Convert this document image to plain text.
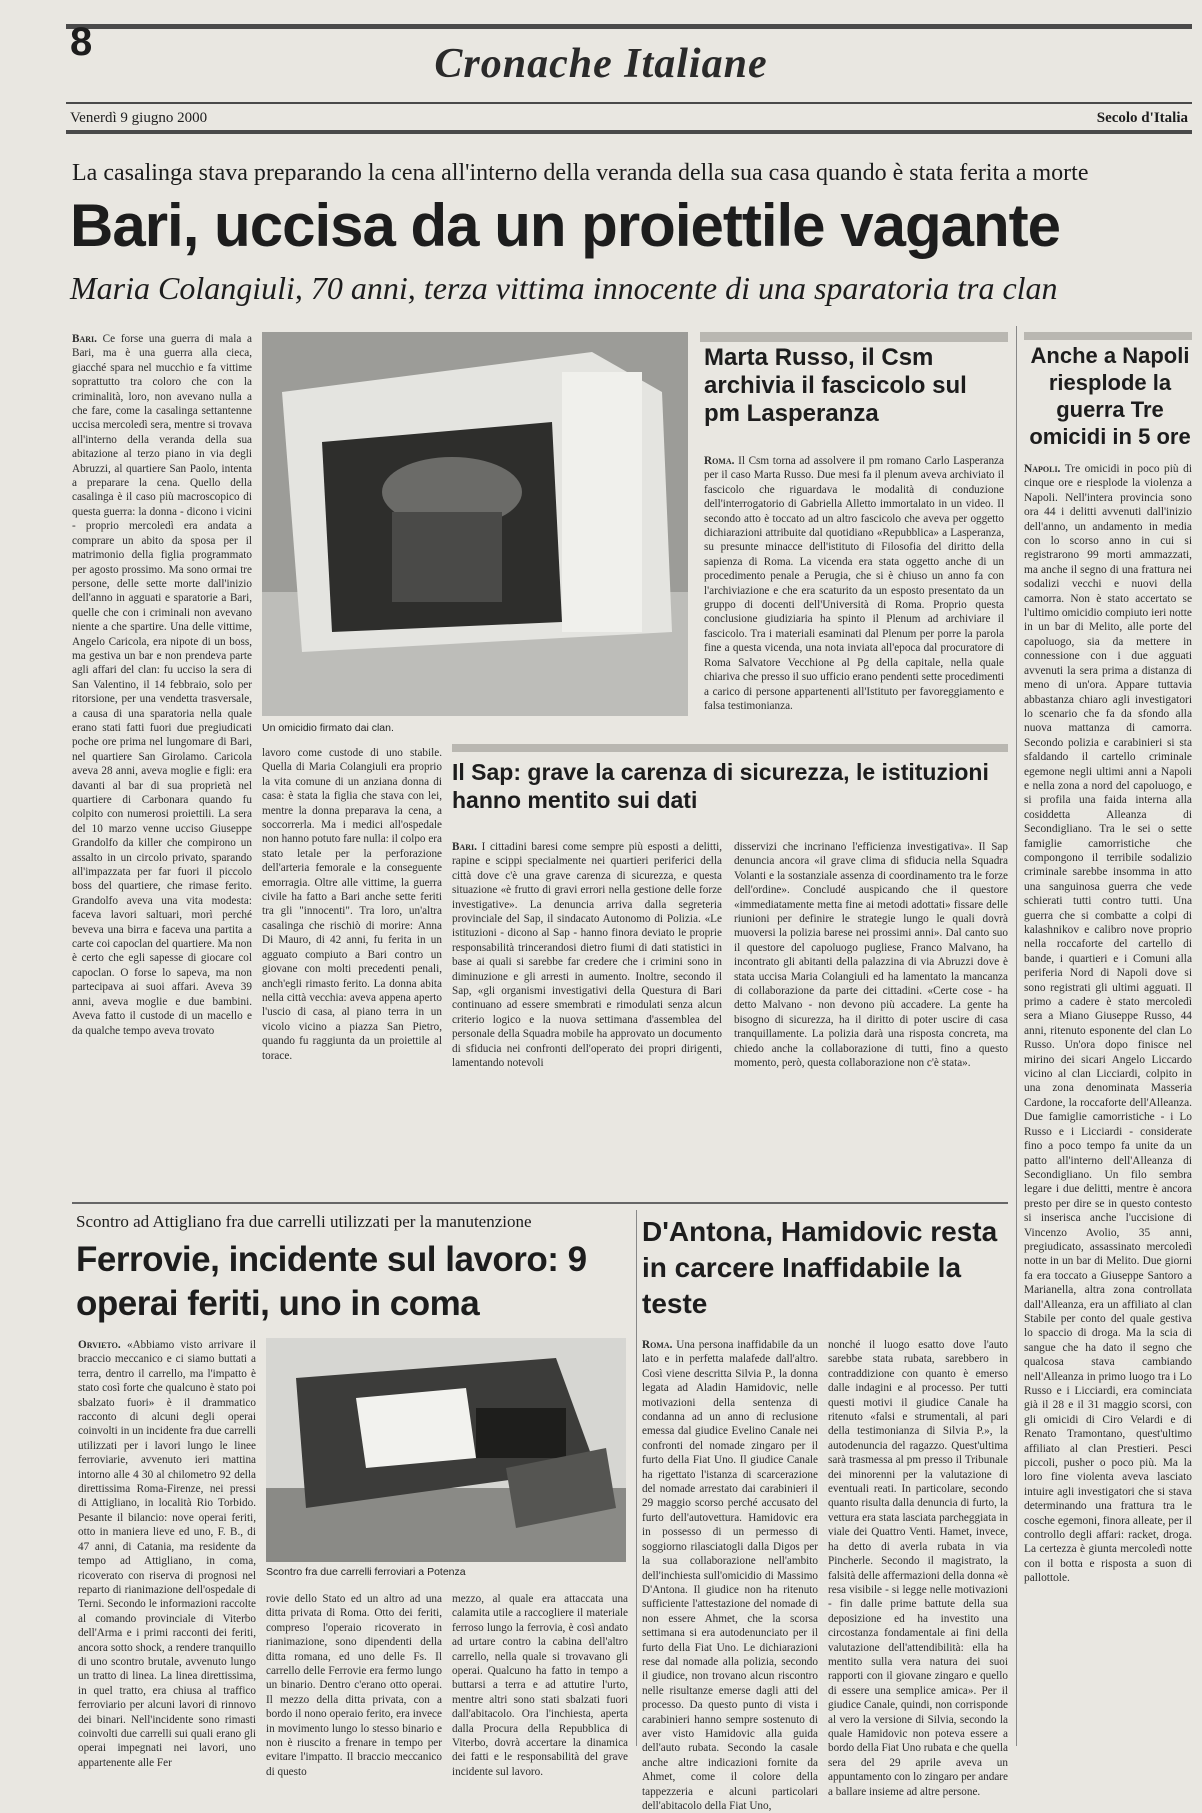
8	Cronache Italiane
Venerdì 9 giugno 2000	Secolo d'Italia
La casalinga stava preparando la cena all'interno della veranda della sua casa quando è stata ferita a morte
Bari, uccisa da un proiettile vagante
Maria Colangiuli, 70 anni, terza vittima innocente di una sparatoria tra clan
Bari. Ce forse una guerra di mala a Bari, ma è una guerra alla cieca, giacché spara nel mucchio e fa vittime soprattutto tra coloro che con la criminalità, loro, non avevano nulla a che fare, come la casalinga settantenne uccisa mercoledì sera, mentre si trovava all'interno della veranda della sua abitazione al terzo piano in via degli Abruzzi, al quartiere San Paolo, intenta a preparare la cena. Quello della casalinga è il caso più macroscopico di questa guerra: la donna - dicono i vicini - proprio mercoledì era andata a comprare un abito da sposa per il matrimonio della figlia programmato per agosto prossimo. Ma sono ormai tre persone, delle sette morte dall'inizio dell'anno in agguati e sparatorie a Bari, quelle che con i criminali non avevano niente a che spartire. Una delle vittime, Angelo Caricola, era nipote di un boss, ma gestiva un bar e non prendeva parte agli affari del clan: fu ucciso la sera di San Valentino, il 14 febbraio, solo per ritorsione, per una vendetta trasversale, a causa di una sparatoria nella quale erano stati fatti fuori due pregiudicati poche ore prima nel lungomare di Bari, nel quartiere San Girolamo. Caricola aveva 28 anni, aveva moglie e figli: era davanti al bar di sua proprietà nel quartiere di Carbonara quando fu colpito con numerosi proiettili. La sera del 10 marzo venne ucciso Giuseppe Grandolfo da killer che compirono un assalto in un circolo privato, sparando all'impazzata per far fuori il piccolo boss del quartiere, che rimase ferito. Grandolfo aveva una vita modesta: faceva lavori saltuari, morì perché beveva una birra e faceva una partita a carte coi capoclan del quartiere. Ma non è certo che egli sapesse di giocare col capoclan. O forse lo sapeva, ma non partecipava ai suoi affari. Aveva 39 anni, aveva moglie e due bambini. Aveva fatto il custode di un macello e da qualche tempo aveva trovato
Un omicidio firmato dai clan.
lavoro come custode di uno stabile. Quella di Maria Colangiuli era proprio la vita comune di un anziana donna di casa: è stata la figlia che stava con lei, mentre la donna preparava la cena, a soccorrerla. Ma i medici all'ospedale non hanno potuto fare nulla: il colpo era stato letale per la perforazione dell'arteria femorale e la conseguente emorragia. Oltre alle vittime, la guerra civile ha fatto a Bari anche sette feriti tra gli "innocenti". Tra loro, un'altra casalinga che rischiò di morire: Anna Di Mauro, di 42 anni, fu ferita in un agguato compiuto a Bari contro un giovane con molti precedenti penali, anch'egli rimasto ferito. La donna abita nella città vecchia: aveva appena aperto l'uscio di casa, al piano terra in un vicolo vicino a piazza San Pietro, quando fu raggiunta da un proiettile al torace.
Marta Russo, il Csm archivia il fascicolo sul pm Lasperanza
Roma. Il Csm torna ad assolvere il pm romano Carlo Lasperanza per il caso Marta Russo. Due mesi fa il plenum aveva archiviato il fascicolo che riguardava le modalità di conduzione dell'interrogatorio di Gabriella Alletto immortalato in un video. Il secondo atto è toccato ad un altro fascicolo che aveva per oggetto dichiarazioni attribuite dal quotidiano «Repubblica» a Lasperanza, su presunte minacce dell'istituto di Filosofia del diritto della sapienza di Roma. La vicenda era stata oggetto anche di un procedimento penale a Perugia, che si è chiuso un anno fa con l'archiviazione e che era scaturito da un esposto presentato da un gruppo di docenti dell'Università di Roma. Proprio questa conclusione giudiziaria ha spinto il Plenum ad archiviare il fascicolo. Tra i materiali esaminati dal Plenum per porre la parola fine a questa vicenda, una nota inviata all'epoca dal procuratore di Roma Salvatore Vecchione al Pg della capitale, nella quale chiariva che presso il suo ufficio erano pendenti sette procedimenti a carico di persone appartenenti all'Istituto per favoreggiamento e falsa testimonianza.
Il Sap: grave la carenza di sicurezza, le istituzioni hanno mentito sui dati
Bari. I cittadini baresi come sempre più esposti a delitti, rapine e scippi specialmente nei quartieri periferici della città dove c'è una grave carenza di sicurezza, e questa situazione «è frutto di gravi errori nella gestione delle forze investigative». La denuncia arriva dalla segreteria provinciale del Sap, il sindacato Autonomo di Polizia. «Le istituzioni - dicono al Sap - hanno finora deviato le proprie responsabilità trincerandosi dietro fiumi di dati statistici in base ai quali si sarebbe far credere che i crimini sono in diminuzione e gli arresti in aumento. Inoltre, secondo il Sap, «gli organismi investigativi della Questura di Bari continuano ad essere smembrati e rimodulati senza alcun criterio logico e la nuova settimana d'assemblea del personale della Squadra mobile ha approvato un documento di sfiducia nei confronti dell'operato dei propri dirigenti, lamentando notevoli
disservizi che incrinano l'efficienza investigativa». Il Sap denuncia ancora «il grave clima di sfiducia nella Squadra Volanti e la sostanziale assenza di coordinamento tra le forze dell'ordine». Concludé auspicando che il questore «immediatamente metta fine ai metodi adottati» fissare delle riunioni per definire le strategie lungo le quali dovrà muoversi la polizia barese nei prossimi anni». Dal canto suo il questore del capoluogo pugliese, Franco Malvano, ha incontrato gli abitanti della palazzina di via Abruzzi dove è stata uccisa Maria Colangiuli ed ha lamentato la mancanza di collaborazione da parte dei cittadini. «Certe cose - ha detto Malvano - non devono più accadere. La gente ha bisogno di sicurezza, ha il diritto di poter uscire di casa tranquillamente. La polizia darà una risposta concreta, ma chiedo anche la collaborazione di tutti, fino a questo momento, però, questa collaborazione non c'è stata».
Anche a Napoli riesplode la guerra Tre omicidi in 5 ore
Napoli. Tre omicidi in poco più di cinque ore e riesplode la violenza a Napoli. Nell'intera provincia sono ora 44 i delitti avvenuti dall'inizio dell'anno, un andamento in media con lo scorso anno in cui si registrarono 99 morti ammazzati, ma anche il segno di una frattura nei sodalizi vecchi e nuovi della camorra. Non è stato accertato se l'ultimo omicidio compiuto ieri notte in un bar di Melito, alle porte del capoluogo, sia da mettere in connessione con i due agguati avvenuti la sera prima a distanza di meno di un'ora. Appare tuttavia abbastanza chiaro agli investigatori lo scenario che fa da sfondo alla nuova mattanza di camorra. Secondo polizia e carabinieri si sta sfaldando il cartello criminale egemone negli ultimi anni a Napoli e nella zona a nord del capoluogo, e si profila una faida interna alla cosiddetta Alleanza di Secondigliano. Tra le sei o sette famiglie camorristiche che compongono il terribile sodalizio criminale sarebbe insomma in atto una sanguinosa guerra che vede schierati tutti contro tutti. Una guerra che si combatte a colpi di kalashnikov e calibro nove proprio nella roccaforte del cartello di bande, i quartieri e i Comuni alla periferia Nord di Napoli dove si sono registrati gli ultimi agguati. Il primo a cadere è stato mercoledì sera a Miano Giuseppe Russo, 44 anni, ritenuto esponente del clan Lo Russo. Un'ora dopo finisce nel mirino dei sicari Angelo Liccardo vicino al clan Licciardi, colpito in una zona denominata Masseria Cardone, la roccaforte dell'Alleanza. Due famiglie camorristiche - i Lo Russo e i Licciardi - considerate fino a poco tempo fa unite da un patto all'interno dell'Alleanza di Secondigliano. Un filo sembra legare i due delitti, mentre è ancora presto per dire se in questo contesto si inserisca anche l'uccisione di Vincenzo Avolio, 35 anni, pregiudicato, assassinato mercoledì notte in un bar di Melito. Due giorni fa era toccato a Giuseppe Santoro a Marianella, altra zona controllata dall'Alleanza, era un affiliato al clan Stabile per conto del quale gestiva lo spaccio di droga. Ma la scia di sangue che ha dato il segno che qualcosa stava cambiando nell'Alleanza in primo luogo tra i Lo Russo e i Licciardi, era cominciata già il 28 e il 31 maggio scorsi, con gli omicidi di Ciro Velardi e di Renato Tramontano, quest'ultimo affiliato al clan Prestieri. Pesci piccoli, pusher o poco più. Ma la loro fine violenta aveva lasciato intuire agli investigatori che si stava determinando una frattura tra le cosche egemoni, finora alleate, per il controllo degli affari: racket, droga. La certezza è giunta mercoledì notte con il botta e risposta a suon di pallottole.
Scontro ad Attigliano fra due carrelli utilizzati per la manutenzione
Ferrovie, incidente sul lavoro: 9 operai feriti, uno in coma
Orvieto. «Abbiamo visto arrivare il braccio meccanico e ci siamo buttati a terra, dentro il carrello, ma l'impatto è stato così forte che qualcuno è stato poi sbalzato fuori» è il drammatico racconto di alcuni degli operai coinvolti in un incidente fra due carrelli utilizzati per i lavori lungo le linee ferroviarie, avvenuto ieri mattina intorno alle 4 30 al chilometro 92 della direttissima Roma-Firenze, nei pressi di Attigliano, in località Rio Torbido. Pesante il bilancio: nove operai feriti, otto in maniera lieve ed uno, F. B., di 47 anni, di Catania, ma residente da tempo ad Attigliano, in coma, ricoverato con riserva di prognosi nel reparto di rianimazione dell'ospedale di Terni. Secondo le informazioni raccolte al comando provinciale di Viterbo dell'Arma e i primi racconti dei feriti, ancora sotto shock, a rendere tranquillo di uno scontro brutale, avvenuto lungo un tratto di linea. La linea direttissima, in quel tratto, era chiusa al traffico ferroviario per alcuni lavori di rinnovo dei binari. Nell'incidente sono rimasti coinvolti due carrelli sui quali erano gli operai impegnati nei lavori, uno appartenente alle Fer
Scontro fra due carrelli ferroviari a Potenza
rovie dello Stato ed un altro ad una ditta privata di Roma. Otto dei feriti, compreso l'operaio ricoverato in rianimazione, sono dipendenti della ditta romana, ed uno delle Fs. Il carrello delle Ferrovie era fermo lungo un binario. Dentro c'erano otto operai. Il mezzo della ditta privata, con a bordo il nono operaio ferito, era invece in movimento lungo lo stesso binario e non è riuscito a frenare in tempo per evitare l'impatto. Il braccio meccanico di questo
mezzo, al quale era attaccata una calamita utile a raccogliere il materiale ferroso lungo la ferrovia, è così andato ad urtare contro la cabina dell'altro carrello, nella quale si trovavano gli operai. Qualcuno ha fatto in tempo a buttarsi a terra e ad attutire l'urto, mentre altri sono stati sbalzati fuori dall'abitacolo. Ora l'inchiesta, aperta dalla Procura della Repubblica di Viterbo, dovrà accertare la dinamica dei fatti e le responsabilità del grave incidente sul lavoro.
D'Antona, Hamidovic resta in carcere Inaffidabile la teste
Roma. Una persona inaffidabile da un lato e in perfetta malafede dall'altro. Così viene descritta Silvia P., la donna legata ad Aladin Hamidovic, nelle motivazioni della sentenza di condanna ad un anno di reclusione emessa dal giudice Evelino Canale nei confronti del nomade zingaro per il furto della Fiat Uno. Il giudice Canale ha rigettato l'istanza di scarcerazione del nomade arrestato dai carabinieri il 29 maggio scorso perché accusato del furto dell'autovettura. Hamidovic era in possesso di un permesso di soggiorno rilasciatogli dalla Digos per la sua collaborazione nell'ambito dell'inchiesta sull'omicidio di Massimo D'Antona. Il giudice non ha ritenuto sufficiente l'attestazione del nomade di non essere Ahmet, che la scorsa settimana si era autodenunciato per il furto della Fiat Uno. Le dichiarazioni rese dal nomade alla polizia, secondo il giudice, non trovano alcun riscontro nelle risultanze emerse dagli atti del processo. Da questo punto di vista i carabinieri hanno sempre sostenuto di aver visto Hamidovic alla guida dell'auto rubata. Secondo la casale anche altre indicazioni fornite da Ahmet, come il colore della tappezzeria e alcuni particolari dell'abitacolo della Fiat Uno,
nonché il luogo esatto dove l'auto sarebbe stata rubata, sarebbero in contraddizione con quanto è emerso dalle indagini e al processo. Per tutti questi motivi il giudice Canale ha ritenuto «falsi e strumentali, al pari della testimonianza di Silvia P.», la autodenuncia del ragazzo. Quest'ultima sarà trasmessa al pm presso il Tribunale dei minorenni per la valutazione di eventuali reati. In particolare, secondo quanto risulta dalla denuncia di furto, la vettura era stata lasciata parcheggiata in viale dei Quattro Venti. Hamet, invece, ha detto di averla rubata in via Pincherle. Secondo il magistrato, la falsità delle affermazioni della donna «è resa visibile - si legge nelle motivazioni - fin dalle prime battute della sua deposizione ed ha investito una circostanza fondamentale ai fini della valutazione dell'attendibilità: ella ha mentito sulla vera natura dei suoi rapporti con il giovane zingaro e quello di essere una semplice amica». Per il giudice Canale, quindi, non corrisponde al vero la versione di Silvia, secondo la quale Hamidovic non poteva essere a bordo della Fiat Uno rubata e che quella sera del 29 aprile aveva un appuntamento con lo zingaro per andare a ballare insieme ad altre persone.
